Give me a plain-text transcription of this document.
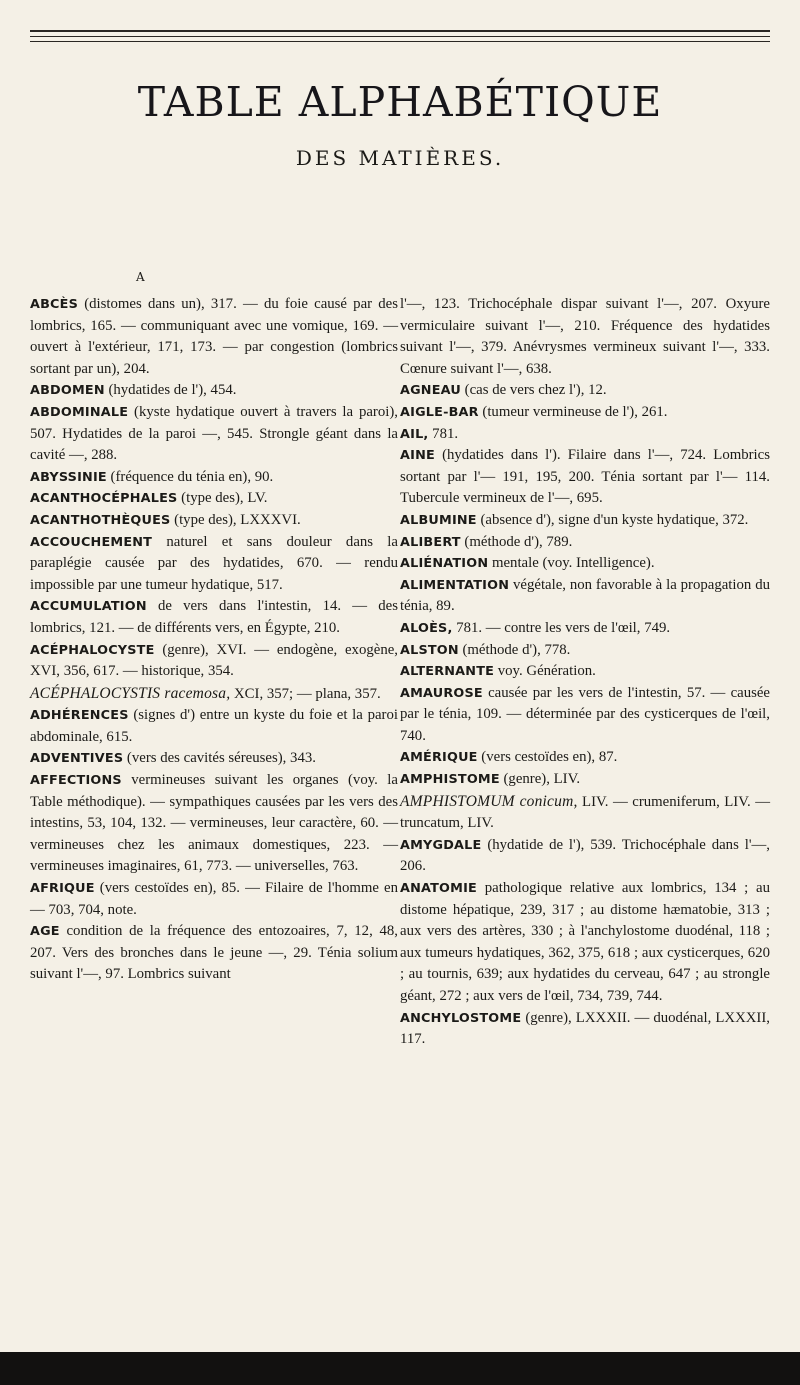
TABLE ALPHABÉTIQUE
DES MATIÈRES.
A

ABCÈS (distomes dans un), 317. — du foie causé par des lombrics, 165. — communiquant avec une vomique, 169. — ouvert à l'extérieur, 171, 173. — par congestion (lombrics sortant par un), 204.

ABDOMEN (hydatides de l'), 454.

ABDOMINALE (kyste hydatique ouvert à travers la paroi), 507. Hydatides de la paroi —, 545. Strongle géant dans la cavité —, 288.

ABYSSINIE (fréquence du ténia en), 90.

ACANTHOCÉPHALES (type des), LV.

ACANTHOTHÈQUES (type des), LXXXVI.

ACCOUCHEMENT naturel et sans douleur dans la paraplégie causée par des hydatides, 670. — rendu impossible par une tumeur hydatique, 517.

ACCUMULATION de vers dans l'intestin, 14. — des lombrics, 121. — de différents vers, en Égypte, 210.

ACÉPHALOCYSTE (genre), XVI. — endogène, exogène, XVI, 356, 617. — historique, 354.

ACÉPHALOCYSTIS racemosa, XCI, 357; — plana, 357.

ADHÉRENCES (signes d') entre un kyste du foie et la paroi abdominale, 615.

ADVENTIVES (vers des cavités séreuses), 343.

AFFECTIONS vermineuses suivant les organes (voy. la Table méthodique). — sympathiques causées par les vers des intestins, 53, 104, 132. — vermineuses, leur caractère, 60. — vermineuses chez les animaux domestiques, 223. — vermineuses imaginaires, 61, 773. — universelles, 763.

AFRIQUE (vers cestoïdes en), 85. — Filaire de l'homme en— 703, 704, note.

AGE condition de la fréquence des entozoaires, 7, 12, 48, 207. Vers des bronches dans le jeune —, 29. Ténia solium suivant l'—, 97. Lombrics suivant

l'—, 123. Trichocéphale dispar suivant l'—, 207. Oxyure vermiculaire suivant l'—, 210. Fréquence des hydatides suivant l'—, 379. Anévrysmes vermineux suivant l'—, 333. Cœnure suivant l'—, 638.

AGNEAU (cas de vers chez l'), 12.

AIGLE-BAR (tumeur vermineuse de l'), 261.

AIL, 781.

AINE (hydatides dans l'). Filaire dans l'—, 724. Lombrics sortant par l'— 191, 195, 200. Ténia sortant par l'— 114. Tubercule vermineux de l'—, 695.

ALBUMINE (absence d'), signe d'un kyste hydatique, 372.

ALIBERT (méthode d'), 789.

ALIÉNATION mentale (voy. Intelligence).

ALIMENTATION végétale, non favorable à la propagation du ténia, 89.

ALOÈS, 781. — contre les vers de l'œil, 749.

ALSTON (méthode d'), 778.

ALTERNANTE voy. Génération.

AMAUROSE causée par les vers de l'intestin, 57. — causée par le ténia, 109. — déterminée par des cysticerques de l'œil, 740.

AMÉRIQUE (vers cestoïdes en), 87.

AMPHISTOME (genre), LIV.

AMPHISTOMUM conicum, LIV. — crumeniferum, LIV. — truncatum, LIV.

AMYGDALE (hydatide de l'), 539. Trichocéphale dans l'—, 206.

ANATOMIE pathologique relative aux lombrics, 134 ; au distome hépatique, 239, 317 ; au distome hæmatobie, 313 ; aux vers des artères, 330 ; à l'anchylostome duodénal, 118 ; aux tumeurs hydatiques, 362, 375, 618 ; aux cysticerques, 620 ; au tournis, 639; aux hydatides du cerveau, 647 ; au strongle géant, 272 ; aux vers de l'œil, 734, 739, 744.

ANCHYLOSTOME (genre), LXXXII. — duodénal, LXXXII, 117.
